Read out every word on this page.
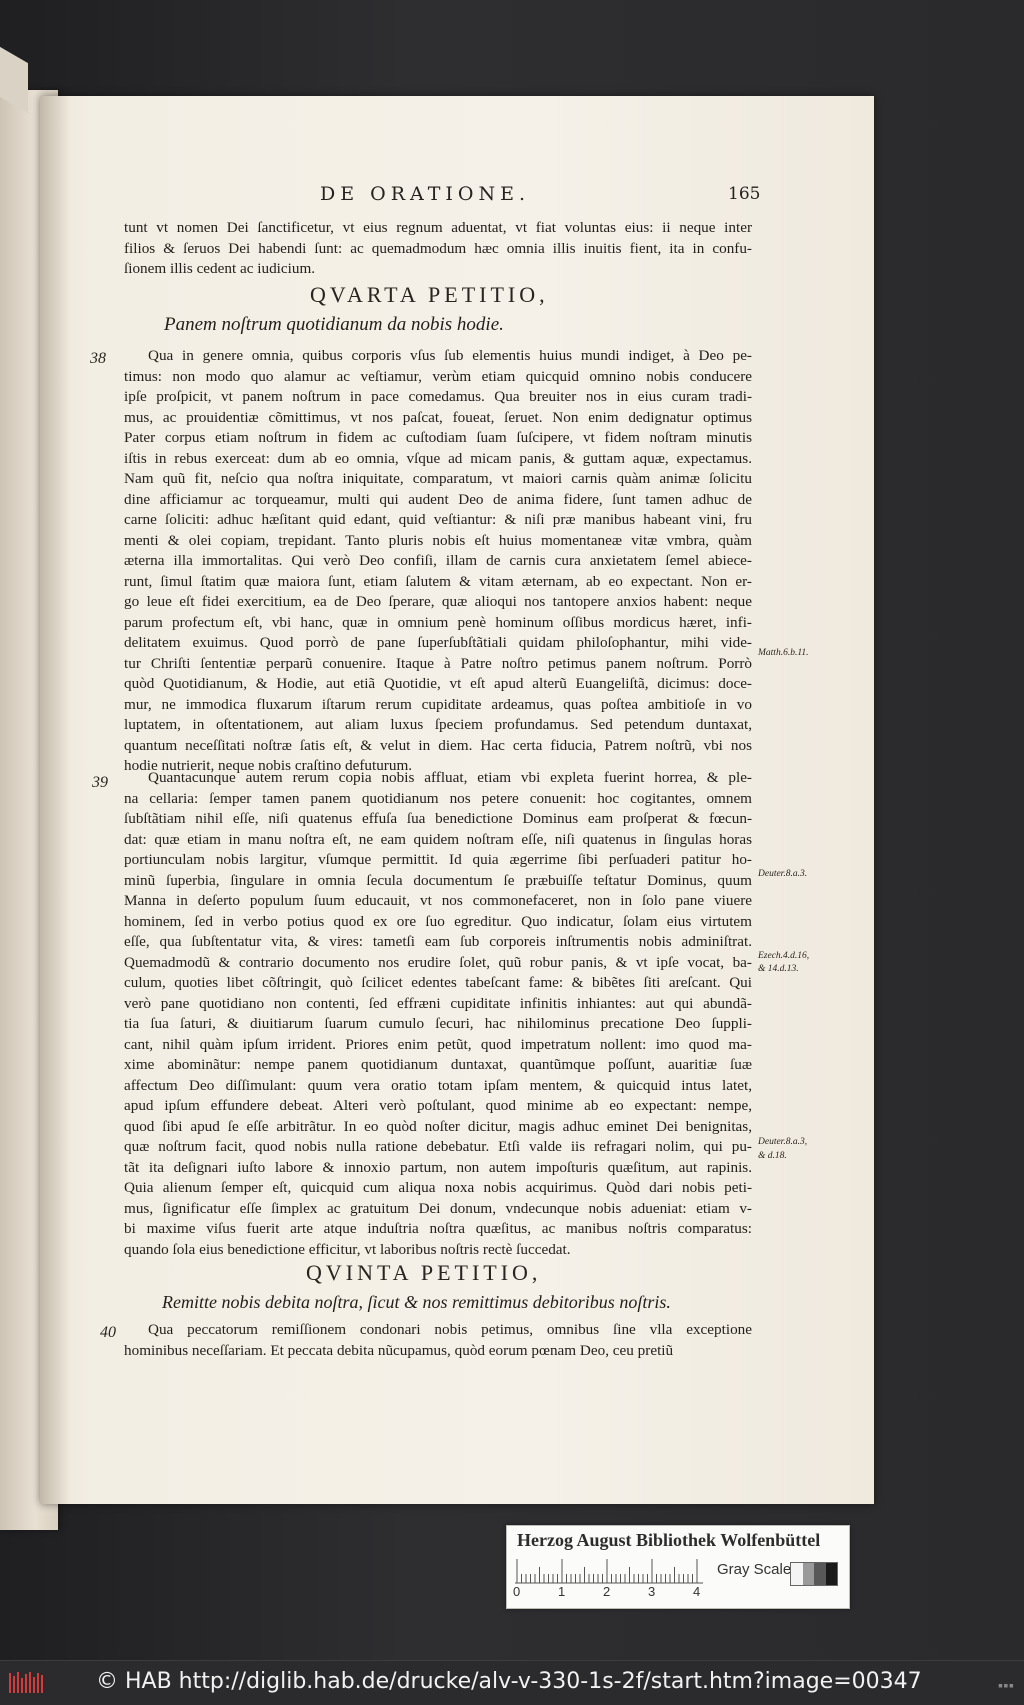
DE ORATIONE.	165
tunt vt nomen Dei ſanctificetur, vt eius regnum aduentat, vt fiat voluntas eius: ii neque inter
filios & ſeruos Dei habendi ſunt: ac quemadmodum hæc omnia illis inuitis fient, ita in confu-
ſionem illis cedent ac iudicium.
QVARTA PETITIO,
Panem noſtrum quotidianum da nobis hodie.
38	Qua in genere omnia, quibus corporis vſus ſub elementis huius mundi indiget, à Deo pe-
timus: non modo quo alamur ac veſtiamur, verùm etiam quicquid omnino nobis conducere
ipſe proſpicit, vt panem noſtrum in pace comedamus. Qua breuiter nos in eius curam tradi-
mus, ac prouidentiæ cõmittimus, vt nos paſcat, foueat, ſeruet. Non enim dedignatur optimus
Pater corpus etiam noſtrum in fidem ac cuſtodiam ſuam ſuſcipere, vt fidem noſtram minutis
iſtis in rebus exerceat: dum ab eo omnia, vſque ad micam panis, & guttam aquæ, expectamus.
Nam quũ fit, neſcio qua noſtra iniquitate, comparatum, vt maiori carnis quàm animæ ſolicitu
dine afficiamur ac torqueamur, multi qui audent Deo de anima fidere, ſunt tamen adhuc de
carne ſoliciti: adhuc hæſitant quid edant, quid veſtiantur: & niſi præ manibus habeant vini, fru
menti & olei copiam, trepidant. Tanto pluris nobis eſt huius momentaneæ vitæ vmbra, quàm
æterna illa immortalitas. Qui verò Deo confiſi, illam de carnis cura anxietatem ſemel abiece-
runt, ſimul ſtatim quæ maiora ſunt, etiam ſalutem & vitam æternam, ab eo expectant. Non er-
go leue eſt fidei exercitium, ea de Deo ſperare, quæ alioqui nos tantopere anxios habent: neque
parum profectum eſt, vbi hanc, quæ in omnium penè hominum oſſibus mordicus hæret, infi-
delitatem exuimus. Quod porrò de pane ſuperſubſtãtiali quidam philoſophantur, mihi vide-
tur Chriſti ſententiæ perparũ conuenire. Itaque à Patre noſtro petimus panem noſtrum. Porrò
quòd Quotidianum, & Hodie, aut etiã Quotidie, vt eſt apud alterũ Euangeliſtã, dicimus: doce-
mur, ne immodica fluxarum iſtarum rerum cupiditate ardeamus, quas poſtea ambitioſe in vo
luptatem, in oſtentationem, aut aliam luxus ſpeciem profundamus. Sed petendum duntaxat,
quantum neceſſitati noſtræ ſatis eſt, & velut in diem. Hac certa fiducia, Patrem noſtrũ, vbi nos
hodie nutrierit, neque nobis craſtino defuturum.
39	Quantacunque autem rerum copia nobis affluat, etiam vbi expleta fuerint horrea, & ple-
na cellaria: ſemper tamen panem quotidianum nos petere conuenit: hoc cogitantes, omnem
ſubſtãtiam nihil eſſe, niſi quatenus effuſa ſua benedictione Dominus eam proſperat & fœcun-
dat: quæ etiam in manu noſtra eſt, ne eam quidem noſtram eſſe, niſi quatenus in ſingulas horas
portiunculam nobis largitur, vſumque permittit. Id quia ægerrime ſibi perſuaderi patitur ho-
minũ ſuperbia, ſingulare in omnia ſecula documentum ſe præbuiſſe teſtatur Dominus, quum
Manna in deſerto populum ſuum educauit, vt nos commonefaceret, non in ſolo pane viuere
hominem, ſed in verbo potius quod ex ore ſuo egreditur. Quo indicatur, ſolam eius virtutem
eſſe, qua ſubſtentatur vita, & vires: tametſi eam ſub corporeis inſtrumentis nobis adminiſtrat.
Quemadmodũ & contrario documento nos erudire ſolet, quũ robur panis, & vt ipſe vocat, ba-
culum, quoties libet cõſtringit, quò ſcilicet edentes tabeſcant fame: & bibẽtes ſiti areſcant. Qui
verò pane quotidiano non contenti, ſed effræni cupiditate infinitis inhiantes: aut qui abundã-
tia ſua ſaturi, & diuitiarum ſuarum cumulo ſecuri, hac nihilominus precatione Deo ſuppli-
cant, nihil quàm ipſum irrident. Priores enim petũt, quod impetratum nollent: imo quod ma-
xime abominãtur: nempe panem quotidianum duntaxat, quantũmque poſſunt, auaritiæ ſuæ
affectum Deo diſſimulant: quum vera oratio totam ipſam mentem, & quicquid intus latet,
apud ipſum effundere debeat. Alteri verò poſtulant, quod minime ab eo expectant: nempe,
quod ſibi apud ſe eſſe arbitrãtur. In eo quòd noſter dicitur, magis adhuc eminet Dei benignitas,
quæ noſtrum facit, quod nobis nulla ratione debebatur. Etſi valde iis refragari nolim, qui pu-
tãt ita deſignari iuſto labore & innoxio partum, non autem impoſturis quæſitum, aut rapinis.
Quia alienum ſemper eſt, quicquid cum aliqua noxa nobis acquirimus. Quòd dari nobis peti-
mus, ſignificatur eſſe ſimplex ac gratuitum Dei donum, vndecunque nobis aduenіat: etiam v-
bi maxime viſus fuerit arte atque induſtria noſtra quæſitus, ac manibus noſtris comparatus:
quando ſola eius benedictione efficitur, vt laboribus noſtris rectè ſuccedat.
QVINTA PETITIO,
Remitte nobis debita noſtra, ſicut & nos remittimus debitoribus noſtris.
40	Qua peccatorum remiſſionem condonari nobis petimus, omnibus ſine vlla exceptione
hominibus neceſſariam. Et peccata debita nũcupamus, quòd eorum pœnam Deo, ceu pretiũ
Matth.6.b.11.
Deuter.8.a.3.
Ezech.4.d.16,
& 14.d.13.
Deuter.8.a.3,
& d.18.
Herzog August Bibliothek Wolfenbüttel
0	1	2	3	4
Gray Scale
© HAB http://diglib.hab.de/drucke/alv-v-330-1s-2f/start.htm?image=00347	▪▪▪
